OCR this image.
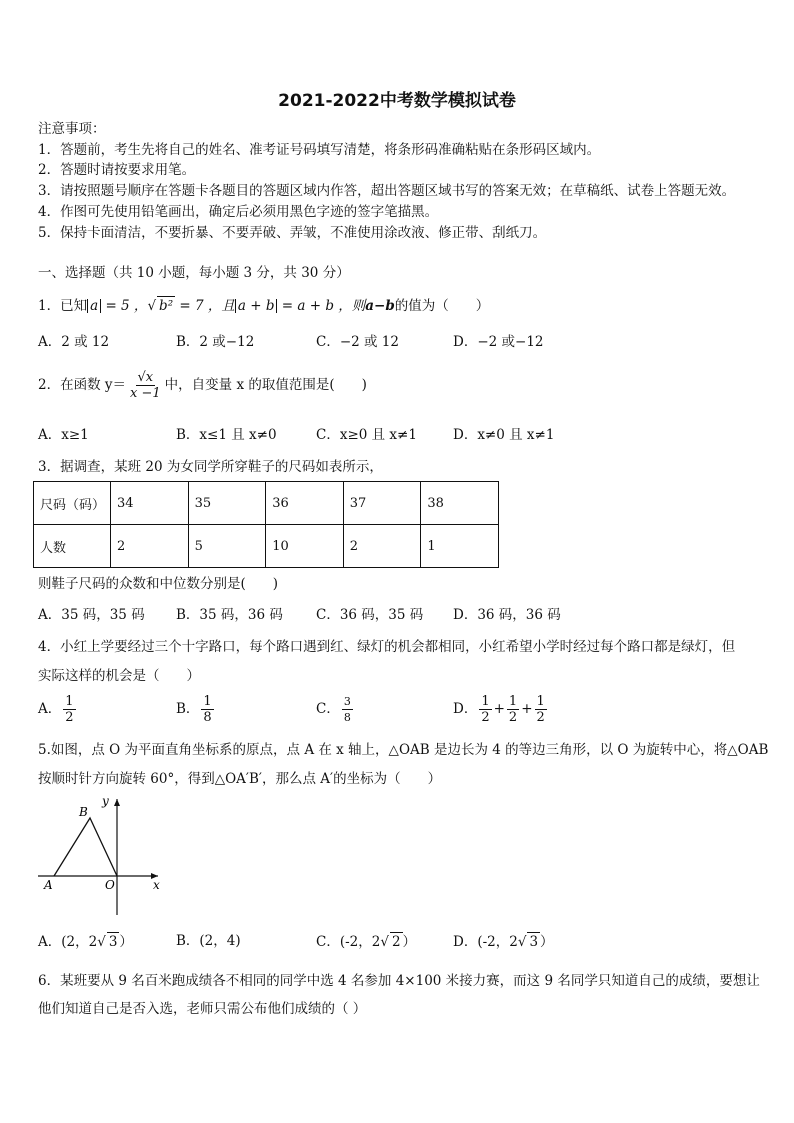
2021-2022中考数学模拟试卷
注意事项：
1．答题前，考生先将自己的姓名、准考证号码填写清楚，将条形码准确粘贴在条形码区域内。
2．答题时请按要求用笔。
3．请按照题号顺序在答题卡各题目的答题区域内作答，超出答题区域书写的答案无效；在草稿纸、试卷上答题无效。
4．作图可先使用铅笔画出，确定后必须用黑色字迹的签字笔描黑。
5．保持卡面清洁，不要折暴、不要弄破、弄皱，不准使用涂改液、修正带、刮纸刀。
一、选择题（共 10 小题，每小题 3 分，共 30 分）
1．已知 a = 5 ，√ b² = 7 ，且 a + b = a + b ，则a−b的值为（　　）
A．2 或 12	B．2 或−12	C．−2 或 12	D．−2 或−12
2．在函数 $y= \frac{√x}{x -1}$ 中，自变量 x 的取值范围是(　　)
A．x≥1	B．x≤1 且 x≠0	C．x≥0 且 x≠1	D．x≠0 且 x≠1
3．据调查，某班 20 为女同学所穿鞋子的尺码如表所示，
尺码（码）	34	35	36	37	38
人数	2	5	10	2	1
则鞋子尺码的众数和中位数分别是(　　)
A．35 码，35 码 B．35 码，36 码 C．36 码，35 码 D．36 码，36 码
4．小红上学要经过三个十字路口，每个路口遇到红、绿灯的机会都相同，小红希望小学时经过每个路口都是绿灯，但
实际这样的机会是（　　）
A． $\frac{1}{2}$	B． $\frac{1}{8}$	C． $\frac{3}{8}$	D． $\frac{1}{2} + \frac{1}{2} + \frac{1}{2}$
5.如图，点 O 为平面直角坐标系的原点，点 A 在 x 轴上，△OAB 是边长为 4 的等边三角形，以 O 为旋转中心，将△OAB
按顺时针方向旋转 60°，得到△OA′B′，那么点 A′的坐标为（　　）
B
y
A	O	x
A．(2，2√ 3 ）	B．(2，4)	C．(-2，2√ 2 ）	D．(-2，2√ 3 ）
6．某班要从 9 名百米跑成绩各不相同的同学中选 4 名参加 4×100 米接力赛，而这 9 名同学只知道自己的成绩，要想让
他们知道自己是否入选，老师只需公布他们成绩的（ ）
